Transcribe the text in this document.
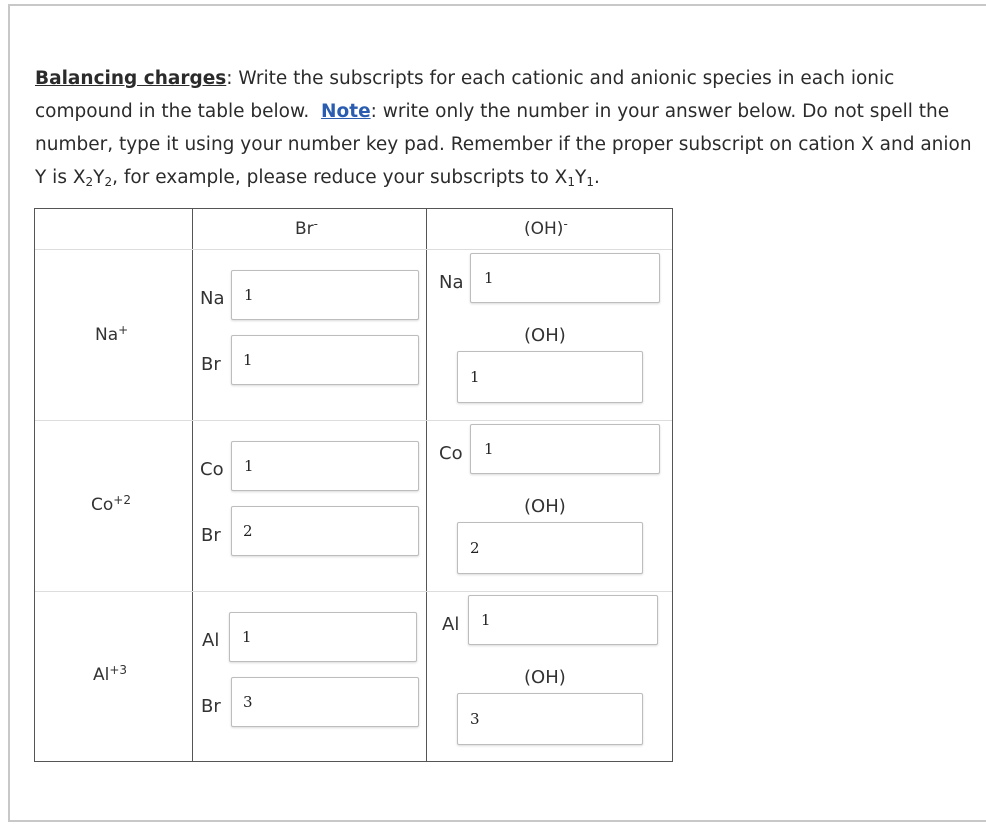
Balancing charges: Write the subscripts for each cationic and anionic species in each ionic compound in the table below. Note: write only the number in your answer below. Do not spell the number, type it using your number key pad. Remember if the proper subscript on cation X and anion Y is $X_2Y_2$, for example, please reduce your subscripts to $X_1Y_1$.
Br-	(OH)-
Na+
Na 1
Br 1
Na 1
(OH)
1
$Co^{+2}$
Co 1
Br 2
Co 1
(OH)
2
$Al^{+3}$
Al 1
Br 3
Al 1
(OH)
3
